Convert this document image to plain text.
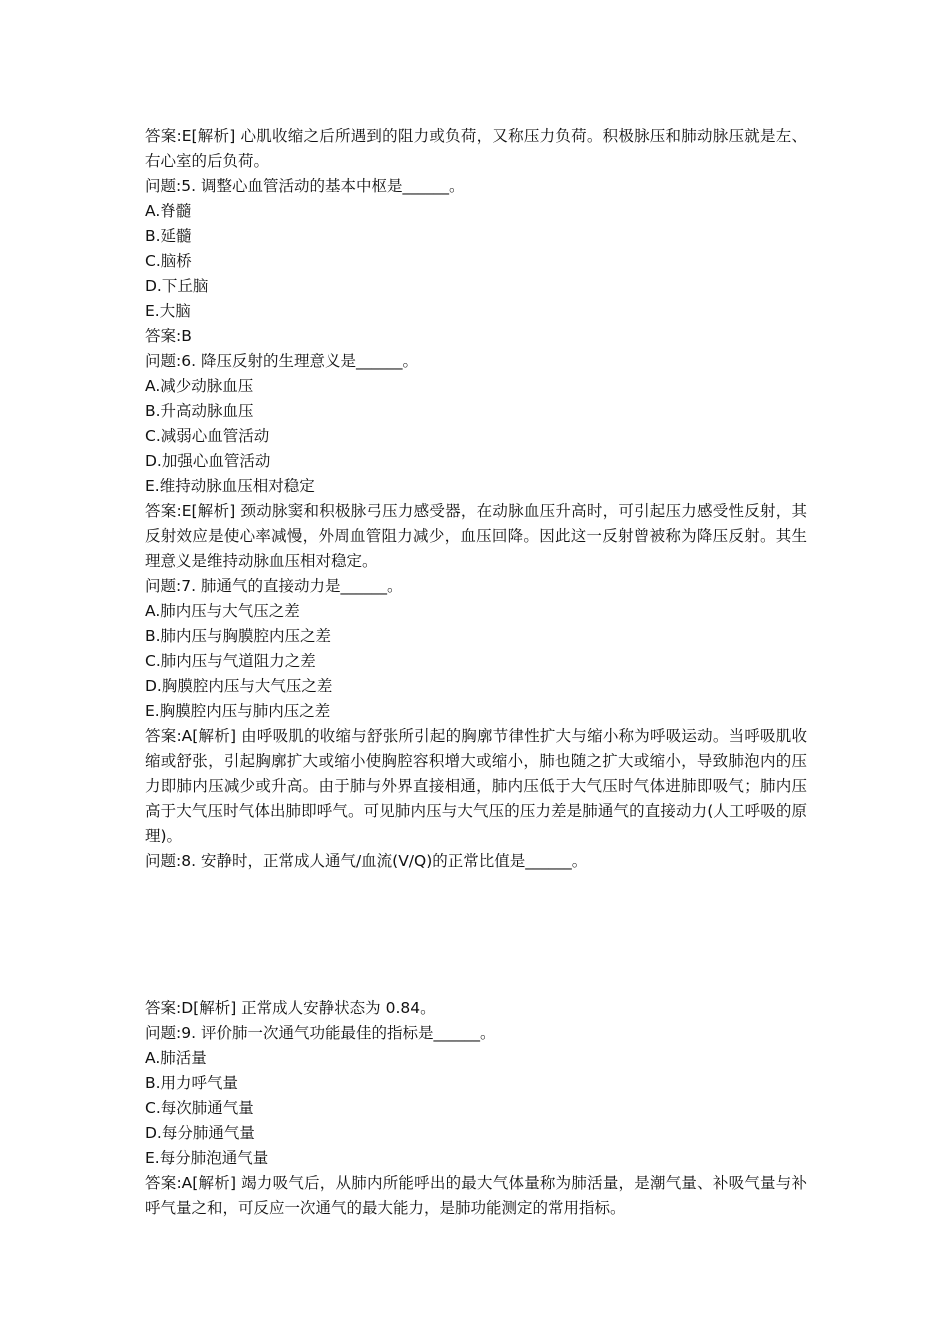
答案:E[解析] 心肌收缩之后所遇到的阻力或负荷，又称压力负荷。积极脉压和肺动脉压就是左、右心室的后负荷。

问题:5. 调整心血管活动的基本中枢是______。

A.脊髓

B.延髓

C.脑桥

D.下丘脑

E.大脑

答案:B

问题:6. 降压反射的生理意义是______。

A.减少动脉血压

B.升高动脉血压

C.减弱心血管活动

D.加强心血管活动

E.维持动脉血压相对稳定

答案:E[解析] 颈动脉窦和积极脉弓压力感受器，在动脉血压升高时，可引起压力感受性反射，其反射效应是使心率减慢，外周血管阻力减少，血压回降。因此这一反射曾被称为降压反射。其生理意义是维持动脉血压相对稳定。

问题:7. 肺通气的直接动力是______。

A.肺内压与大气压之差

B.肺内压与胸膜腔内压之差

C.肺内压与气道阻力之差

D.胸膜腔内压与大气压之差

E.胸膜腔内压与肺内压之差

答案:A[解析] 由呼吸肌的收缩与舒张所引起的胸廓节律性扩大与缩小称为呼吸运动。当呼吸肌收缩或舒张，引起胸廓扩大或缩小使胸腔容积增大或缩小，肺也随之扩大或缩小，导致肺泡内的压力即肺内压减少或升高。由于肺与外界直接相通，肺内压低于大气压时气体进肺即吸气；肺内压高于大气压时气体出肺即呼气。可见肺内压与大气压的压力差是肺通气的直接动力(人工呼吸的原理)。

问题:8. 安静时，正常成人通气/血流(V/Q)的正常比值是______。

答案:D[解析] 正常成人安静状态为 0.84。

问题:9. 评价肺一次通气功能最佳的指标是______。

A.肺活量

B.用力呼气量

C.每次肺通气量

D.每分肺通气量

E.每分肺泡通气量

答案:A[解析] 竭力吸气后，从肺内所能呼出的最大气体量称为肺活量，是潮气量、补吸气量与补呼气量之和，可反应一次通气的最大能力，是肺功能测定的常用指标。
